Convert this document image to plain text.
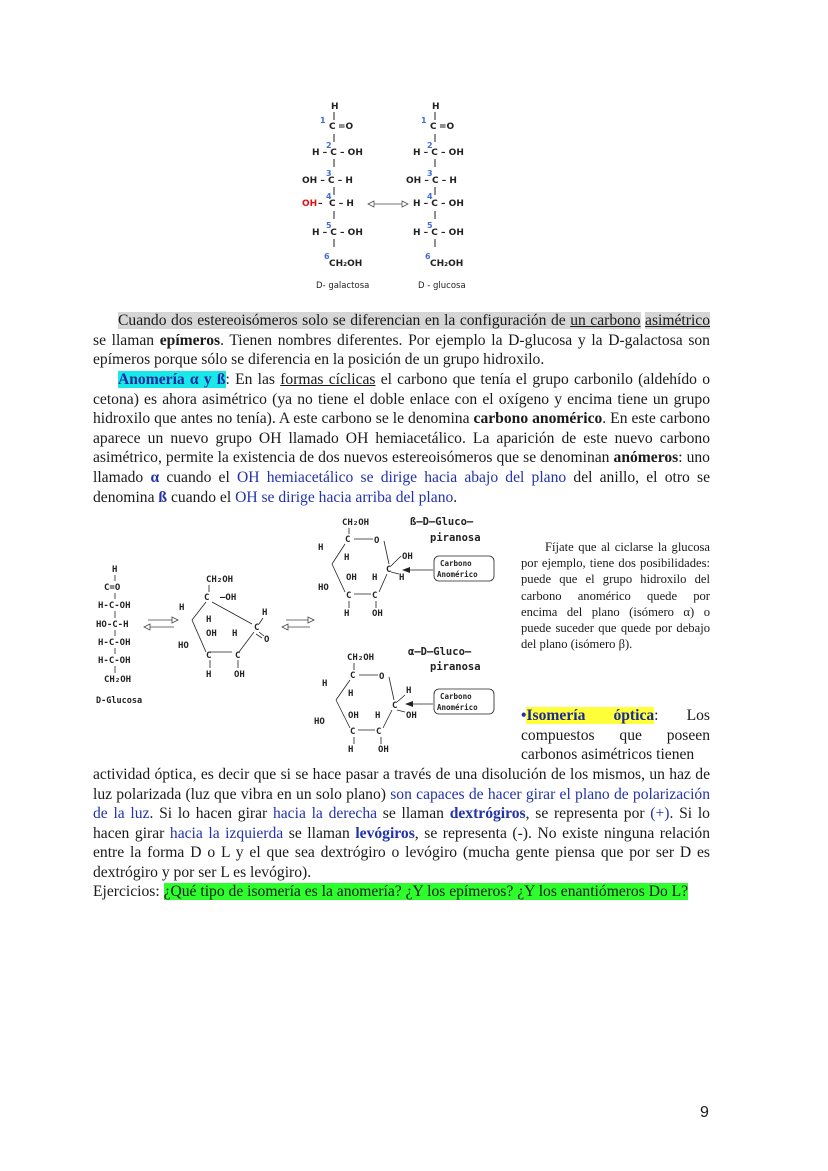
H
1
C =O
H – C – OH
2
OH – C – H
3
OH – C – H
4
H – C – OH
5
CH₂OH
6
H
1
C =O
2
H – C – OH
3
OH – C – H
4
H – C – OH
5
H – C – OH
6
CH₂OH
D- galactosa	D - glucosa

Cuando dos estereoisómeros solo se diferencian en la configuración de un carbono asimétrico se llaman epímeros. Tienen nombres diferentes. Por ejemplo la D-glucosa y la D-galactosa son epímeros porque sólo se diferencia en la posición de un grupo hidroxilo.

Anomería α y ß: En las formas cíclicas el carbono que tenía el grupo carbonilo (aldehído o cetona) es ahora asimétrico (ya no tiene el doble enlace con el oxígeno y encima tiene un grupo hidroxilo que antes no tenía). A este carbono se le denomina carbono anomérico. En este carbono aparece un nuevo grupo OH llamado OH hemiacetálico. La aparición de este nuevo carbono asimétrico, permite la existencia de dos nuevos estereoisómeros que se denominan anómeros: uno llamado α cuando el OH hemiacetálico se dirige hacia abajo del plano del anillo, el otro se denomina ß cuando el OH se dirige hacia arriba del plano.

H
C=O
H-C-OH
HO-C-H
H-C-OH
H-C-OH
CH₂OH
D-Glucosa
CH₂OH
C —OH
H
H
H
C
O
OH H
HO
C	C
H	OH
CH₂OH
C	O
H
H	OH
C
OH H H
HO
C C
H	OH
ß–D–Gluco–
piranosa
Carbono
Anomérico
CH₂OH
C	O
H
H	H
C
OH H	OH
HO
C C
H	OH
α–D–Gluco–
piranosa
Carbono
Anomérico

Fíjate que al ciclarse la glucosa por ejemplo, tiene dos posibilidades: puede que el grupo hidroxilo del carbono anomérico quede por encima del plano (isómero α) o puede suceder que quede por debajo del plano (isómero β).

•Isomería óptica: Los compuestos que poseen carbonos asimétricos tienen

actividad óptica, es decir que si se hace pasar a través de una disolución de los mismos, un haz de luz polarizada (luz que vibra en un solo plano) son capaces de hacer girar el plano de polarización de la luz. Si lo hacen girar hacia la derecha se llaman dextrógiros, se representa por (+). Si lo hacen girar hacia la izquierda se llaman levógiros, se representa (-). No existe ninguna relación entre la forma D o L y el que sea dextrógiro o levógiro (mucha gente piensa que por ser D es dextrógiro y por ser L es levógiro).

Ejercicios: ¿Qué tipo de isomería es la anomería? ¿Y los epímeros? ¿Y los enantiómeros Do L?

9
